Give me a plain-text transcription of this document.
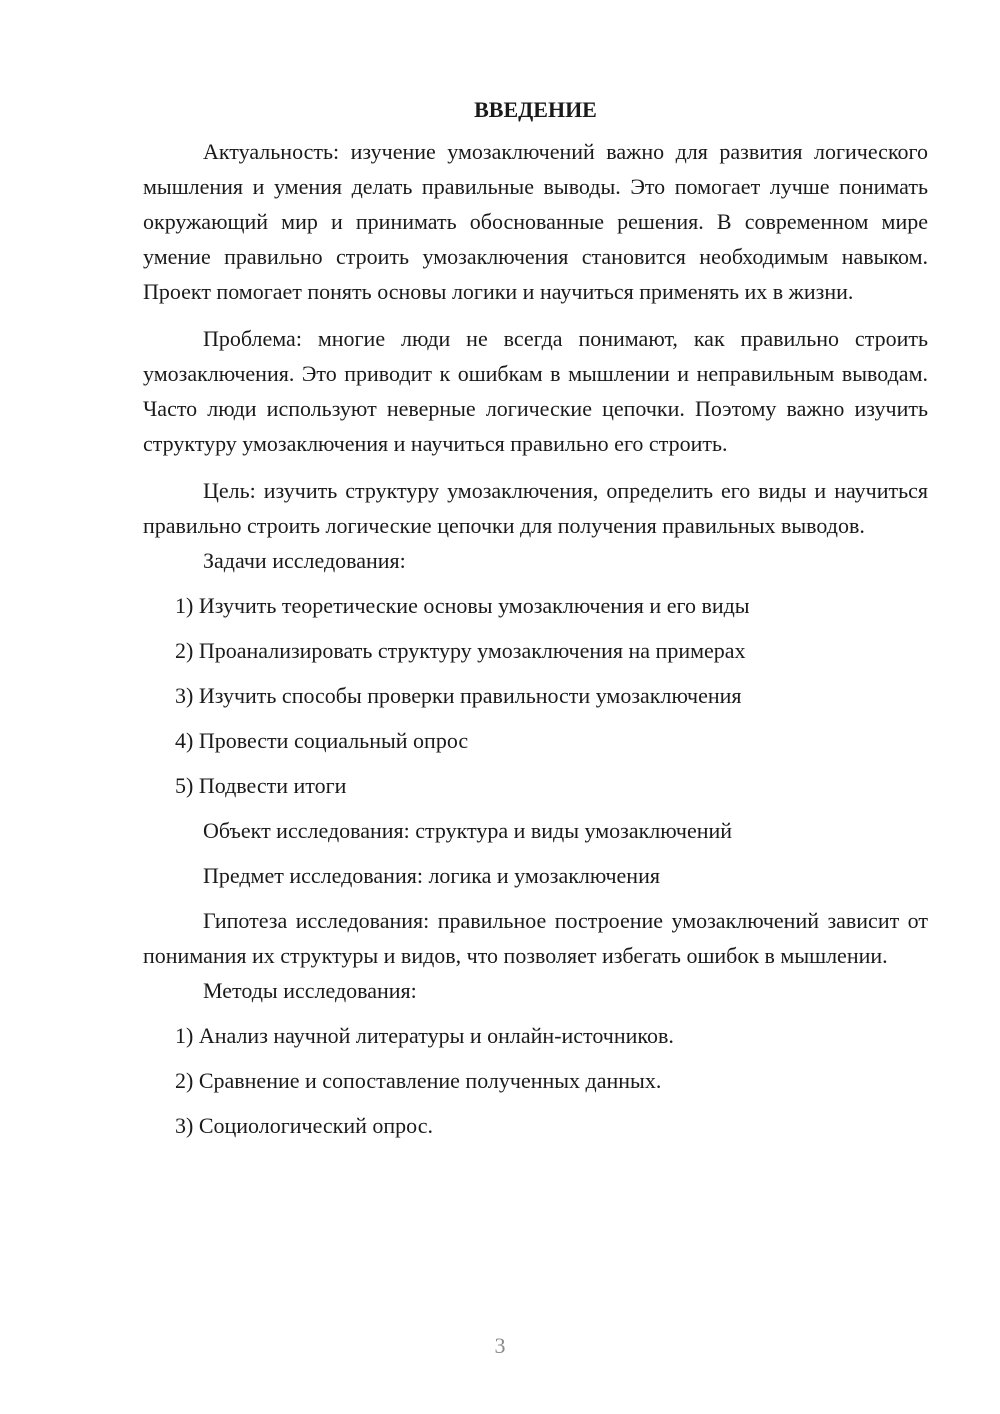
ВВЕДЕНИЕ

Актуальность: изучение умозаключений важно для развития логического мышления и умения делать правильные выводы. Это помогает лучше понимать окружающий мир и принимать обоснованные решения. В современном мире умение правильно строить умозаключения становится необходимым навыком. Проект помогает понять основы логики и научиться применять их в жизни.

Проблема: многие люди не всегда понимают, как правильно строить умозаключения. Это приводит к ошибкам в мышлении и неправильным выводам. Часто люди используют неверные логические цепочки. Поэтому важно изучить структуру умозаключения и научиться правильно его строить.

Цель: изучить структуру умозаключения, определить его виды и научиться правильно строить логические цепочки для получения правильных выводов.

Задачи исследования:

1) Изучить теоретические основы умозаключения и его виды

2) Проанализировать структуру умозаключения на примерах

3) Изучить способы проверки правильности умозаключения

4) Провести социальный опрос

5) Подвести итоги

Объект исследования: структура и виды умозаключений

Предмет исследования: логика и умозаключения

Гипотеза исследования: правильное построение умозаключений зависит от понимания их структуры и видов, что позволяет избегать ошибок в мышлении.

Методы исследования:

1) Анализ научной литературы и онлайн-источников.

2) Сравнение и сопоставление полученных данных.

3) Социологический опрос.

3
